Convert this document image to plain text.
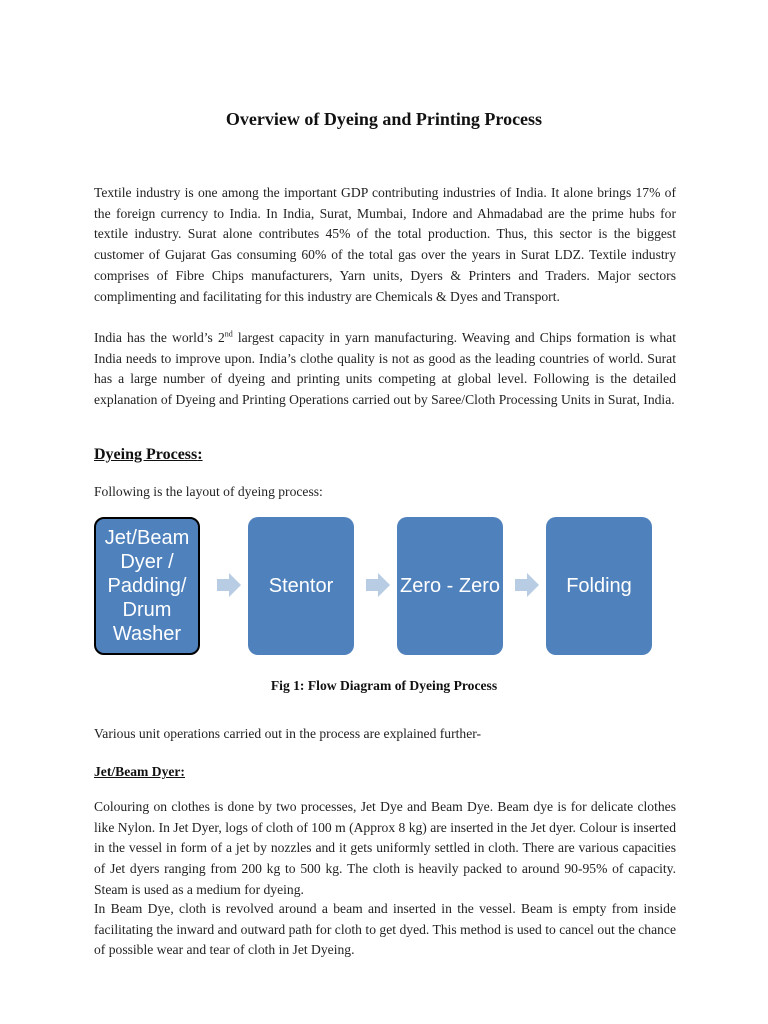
Overview of Dyeing and Printing Process

Textile industry is one among the important GDP contributing industries of India. It alone brings 17% of the foreign currency to India. In India, Surat, Mumbai, Indore and Ahmadabad are the prime hubs for textile industry. Surat alone contributes 45% of the total production. Thus, this sector is the biggest customer of Gujarat Gas consuming 60% of the total gas over the years in Surat LDZ. Textile industry comprises of Fibre Chips manufacturers, Yarn units, Dyers & Printers and Traders. Major sectors complimenting and facilitating for this industry are Chemicals & Dyes and Transport.

India has the world’s 2nd largest capacity in yarn manufacturing. Weaving and Chips formation is what India needs to improve upon. India’s clothe quality is not as good as the leading countries of world. Surat has a large number of dyeing and printing units competing at global level. Following is the detailed explanation of Dyeing and Printing Operations carried out by Saree/Cloth Processing Units in Surat, India.

Dyeing Process:
Following is the layout of dyeing process:
Jet/Beam Dyer / Padding/ Drum Washer
Stentor	Zero - Zero	Folding
Fig 1: Flow Diagram of Dyeing Process
Various unit operations carried out in the process are explained further-
Jet/Beam Dyer:

Colouring on clothes is done by two processes, Jet Dye and Beam Dye. Beam dye is for delicate clothes like Nylon. In Jet Dyer, logs of cloth of 100 m (Approx 8 kg) are inserted in the Jet dyer. Colour is inserted in the vessel in form of a jet by nozzles and it gets uniformly settled in cloth. There are various capacities of Jet dyers ranging from 200 kg to 500 kg. The cloth is heavily packed to around 90-95% of capacity. Steam is used as a medium for dyeing.

In Beam Dye, cloth is revolved around a beam and inserted in the vessel. Beam is empty from inside facilitating the inward and outward path for cloth to get dyed. This method is used to cancel out the chance of possible wear and tear of cloth in Jet Dyeing.
